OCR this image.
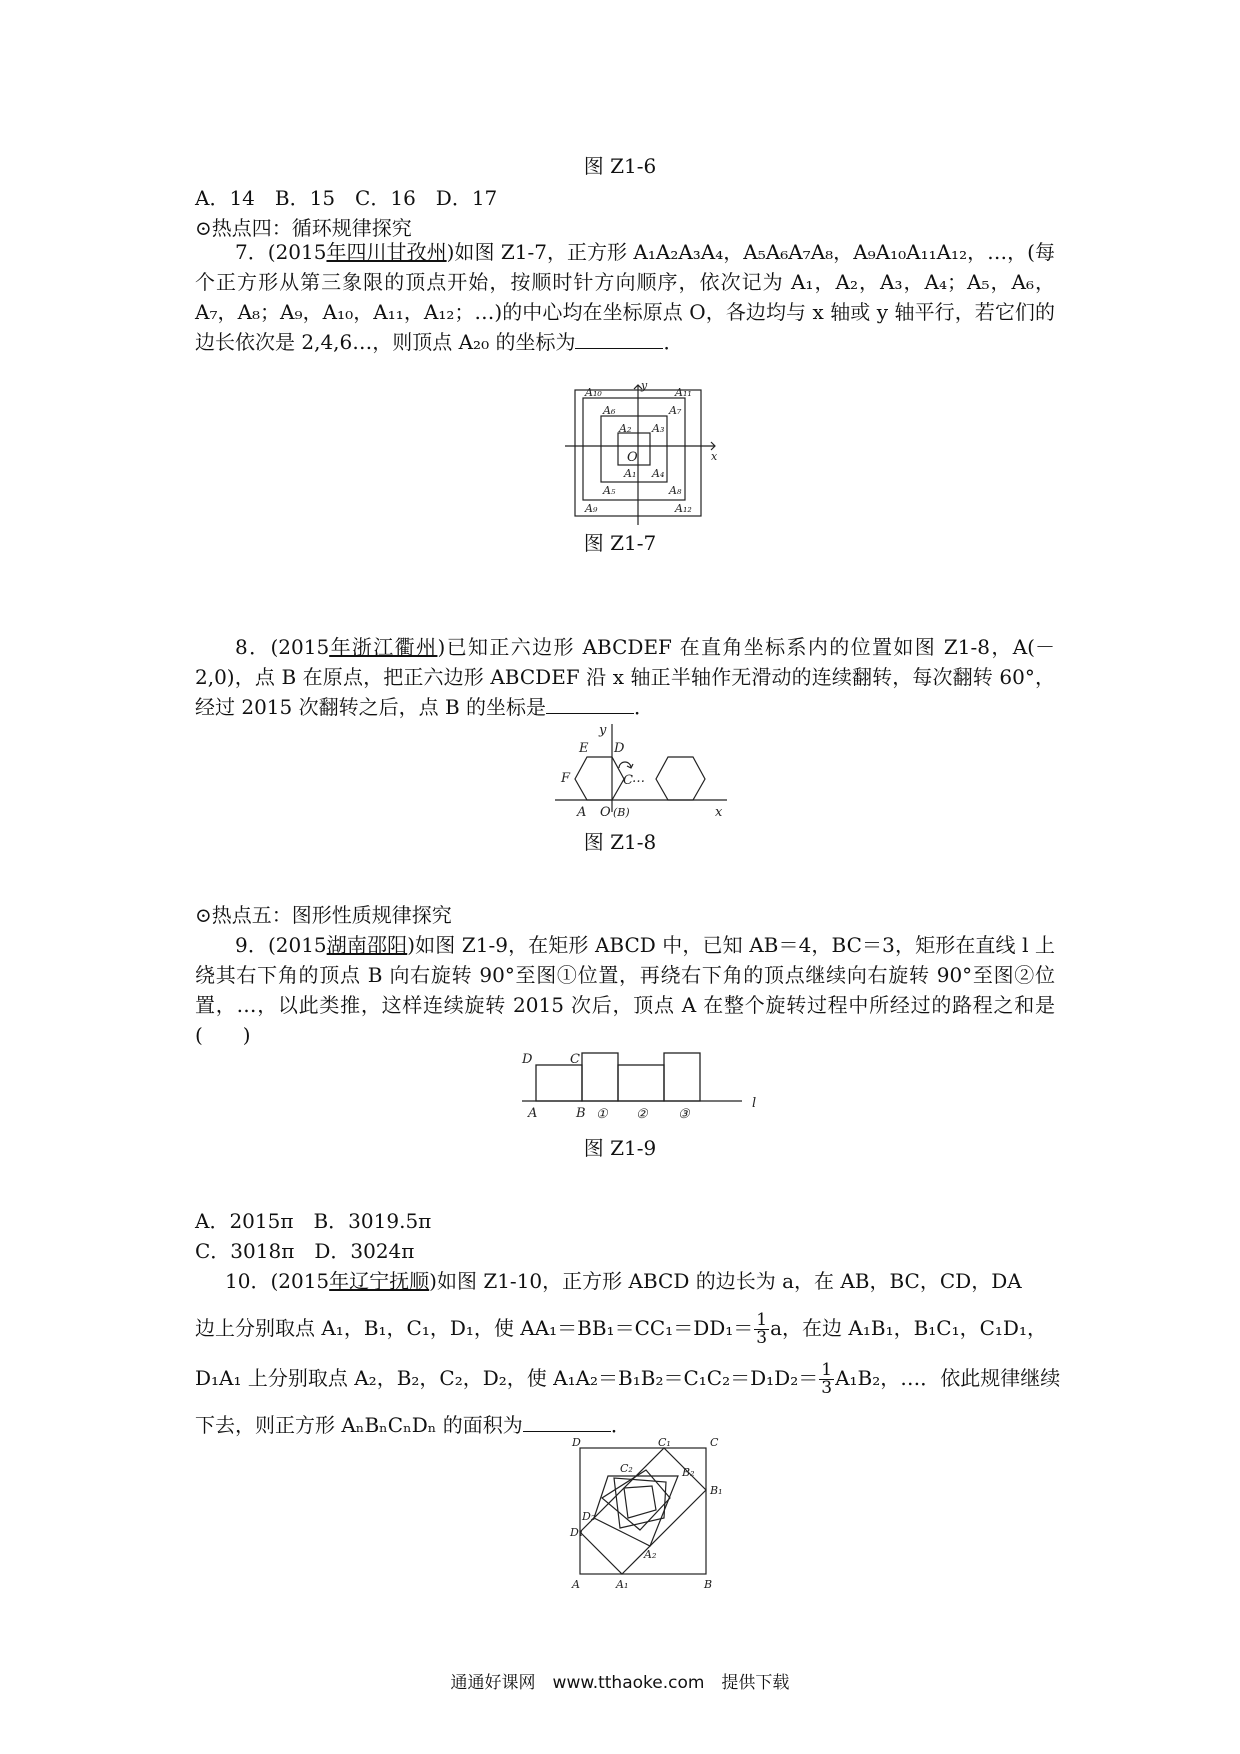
图 Z1-6
A．14　B．15　C．16　D．17
⊙热点四：循环规律探究
7．(2015年四川甘孜州)如图 Z1-7，正方形 A₁A₂A₃A₄，A₅A₆A₇A₈，A₉A₁₀A₁₁A₁₂，…，(每个正方形从第三象限的顶点开始，按顺时针方向顺序，依次记为 A₁，A₂，A₃，A₄；A₅，A₆，A₇，A₈；A₉，A₁₀，A₁₁，A₁₂；…)的中心均在坐标原点 O，各边均与 x 轴或 y 轴平行，若它们的边长依次是 2,4,6…，则顶点 A₂₀ 的坐标为	．
y
x
O
A₁
A₂ A₃
A₄
A₅
A₆	A₇
A₈
A₉
A₁₀	A₁₁
A₁₂
图 Z1-7
8．(2015年浙江衢州)已知正六边形 ABCDEF 在直角坐标系内的位置如图 Z1-8，A(－2,0)，点 B 在原点，把正六边形 ABCDEF 沿 x 轴正半轴作无滑动的连续翻转，每次翻转 60°，经过 2015 次翻转之后，点 B 的坐标是	．
E D
F	C …
A O (B)	x
y
图 Z1-8
⊙热点五：图形性质规律探究
9．(2015湖南邵阳)如图 Z1-9，在矩形 ABCD 中，已知 AB＝4，BC＝3，矩形在直线 l 上绕其右下角的顶点 B 向右旋转 90°至图①位置，再绕右下角的顶点继续向右旋转 90°至图②位置，…，以此类推，这样连续旋转 2015 次后，顶点 A 在整个旋转过程中所经过的路程之和是(　　)
D	C
A	B
l
① ② ③
图 Z1-9
A．2015π　B．3019.5π
C．3018π　D．3024π
10．(2015年辽宁抚顺)如图 Z1-10，正方形 ABCD 的边长为 a，在 AB，BC，CD，DA
边上分别取点 A₁，B₁，C₁，D₁，使 $AA_1=BB_1=CC_1=DD_1= \frac{1}{3}$ a，在边 A₁B₁，B₁C₁，C₁D₁，
D₁A₁ 上分别取点 A₂，B₂，C₂，D₂，使 $A_1A_2=B_1B_2=C_1C_2=D_1D_2= \frac{1}{3} A_1B_2$，…．依此规律继续
下去，则正方形 AₙBₙCₙDₙ 的面积为	．
D	C
A	B
C₁
C₂
B₁
B₂
D₁
D₂
A₁
A₂
通通好课网　www.tthaoke.com　提供下载
